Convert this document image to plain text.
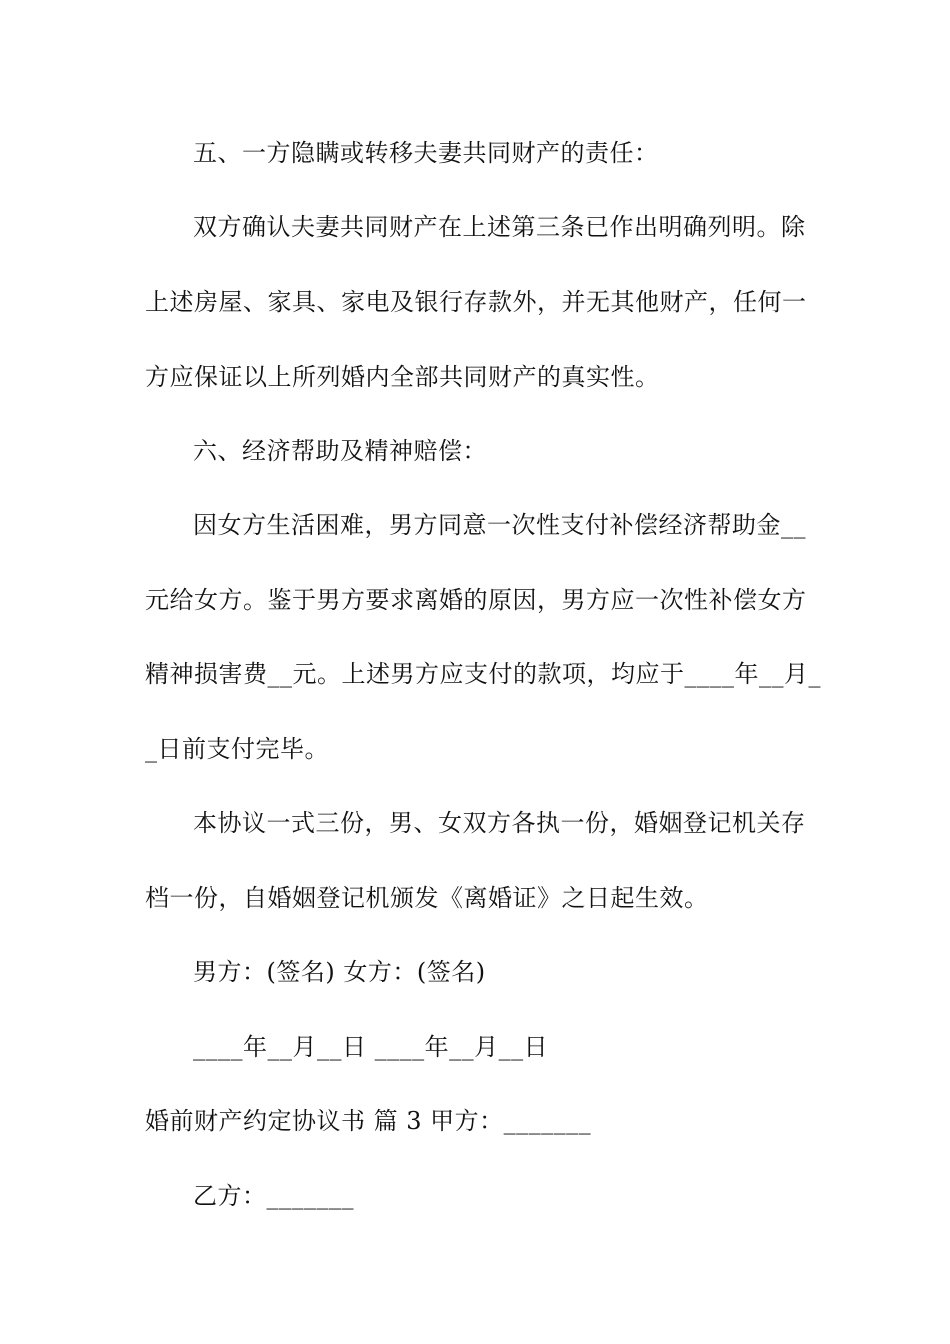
五、一方隐瞒或转移夫妻共同财产的责任：
双方确认夫妻共同财产在上述第三条已作出明确列明。除
上述房屋、家具、家电及银行存款外，并无其他财产，任何一
方应保证以上所列婚内全部共同财产的真实性。
六、经济帮助及精神赔偿：
因女方生活困难，男方同意一次性支付补偿经济帮助金__
元给女方。鉴于男方要求离婚的原因，男方应一次性补偿女方
精神损害费__元。上述男方应支付的款项，均应于____年__月_
_日前支付完毕。
本协议一式三份，男、女双方各执一份，婚姻登记机关存
档一份，自婚姻登记机颁发《离婚证》之日起生效。
男方：(签名) 女方：(签名)
____年__月__日 ____年__月__日
婚前财产约定协议书 篇 3 甲方：_______
乙方：_______
